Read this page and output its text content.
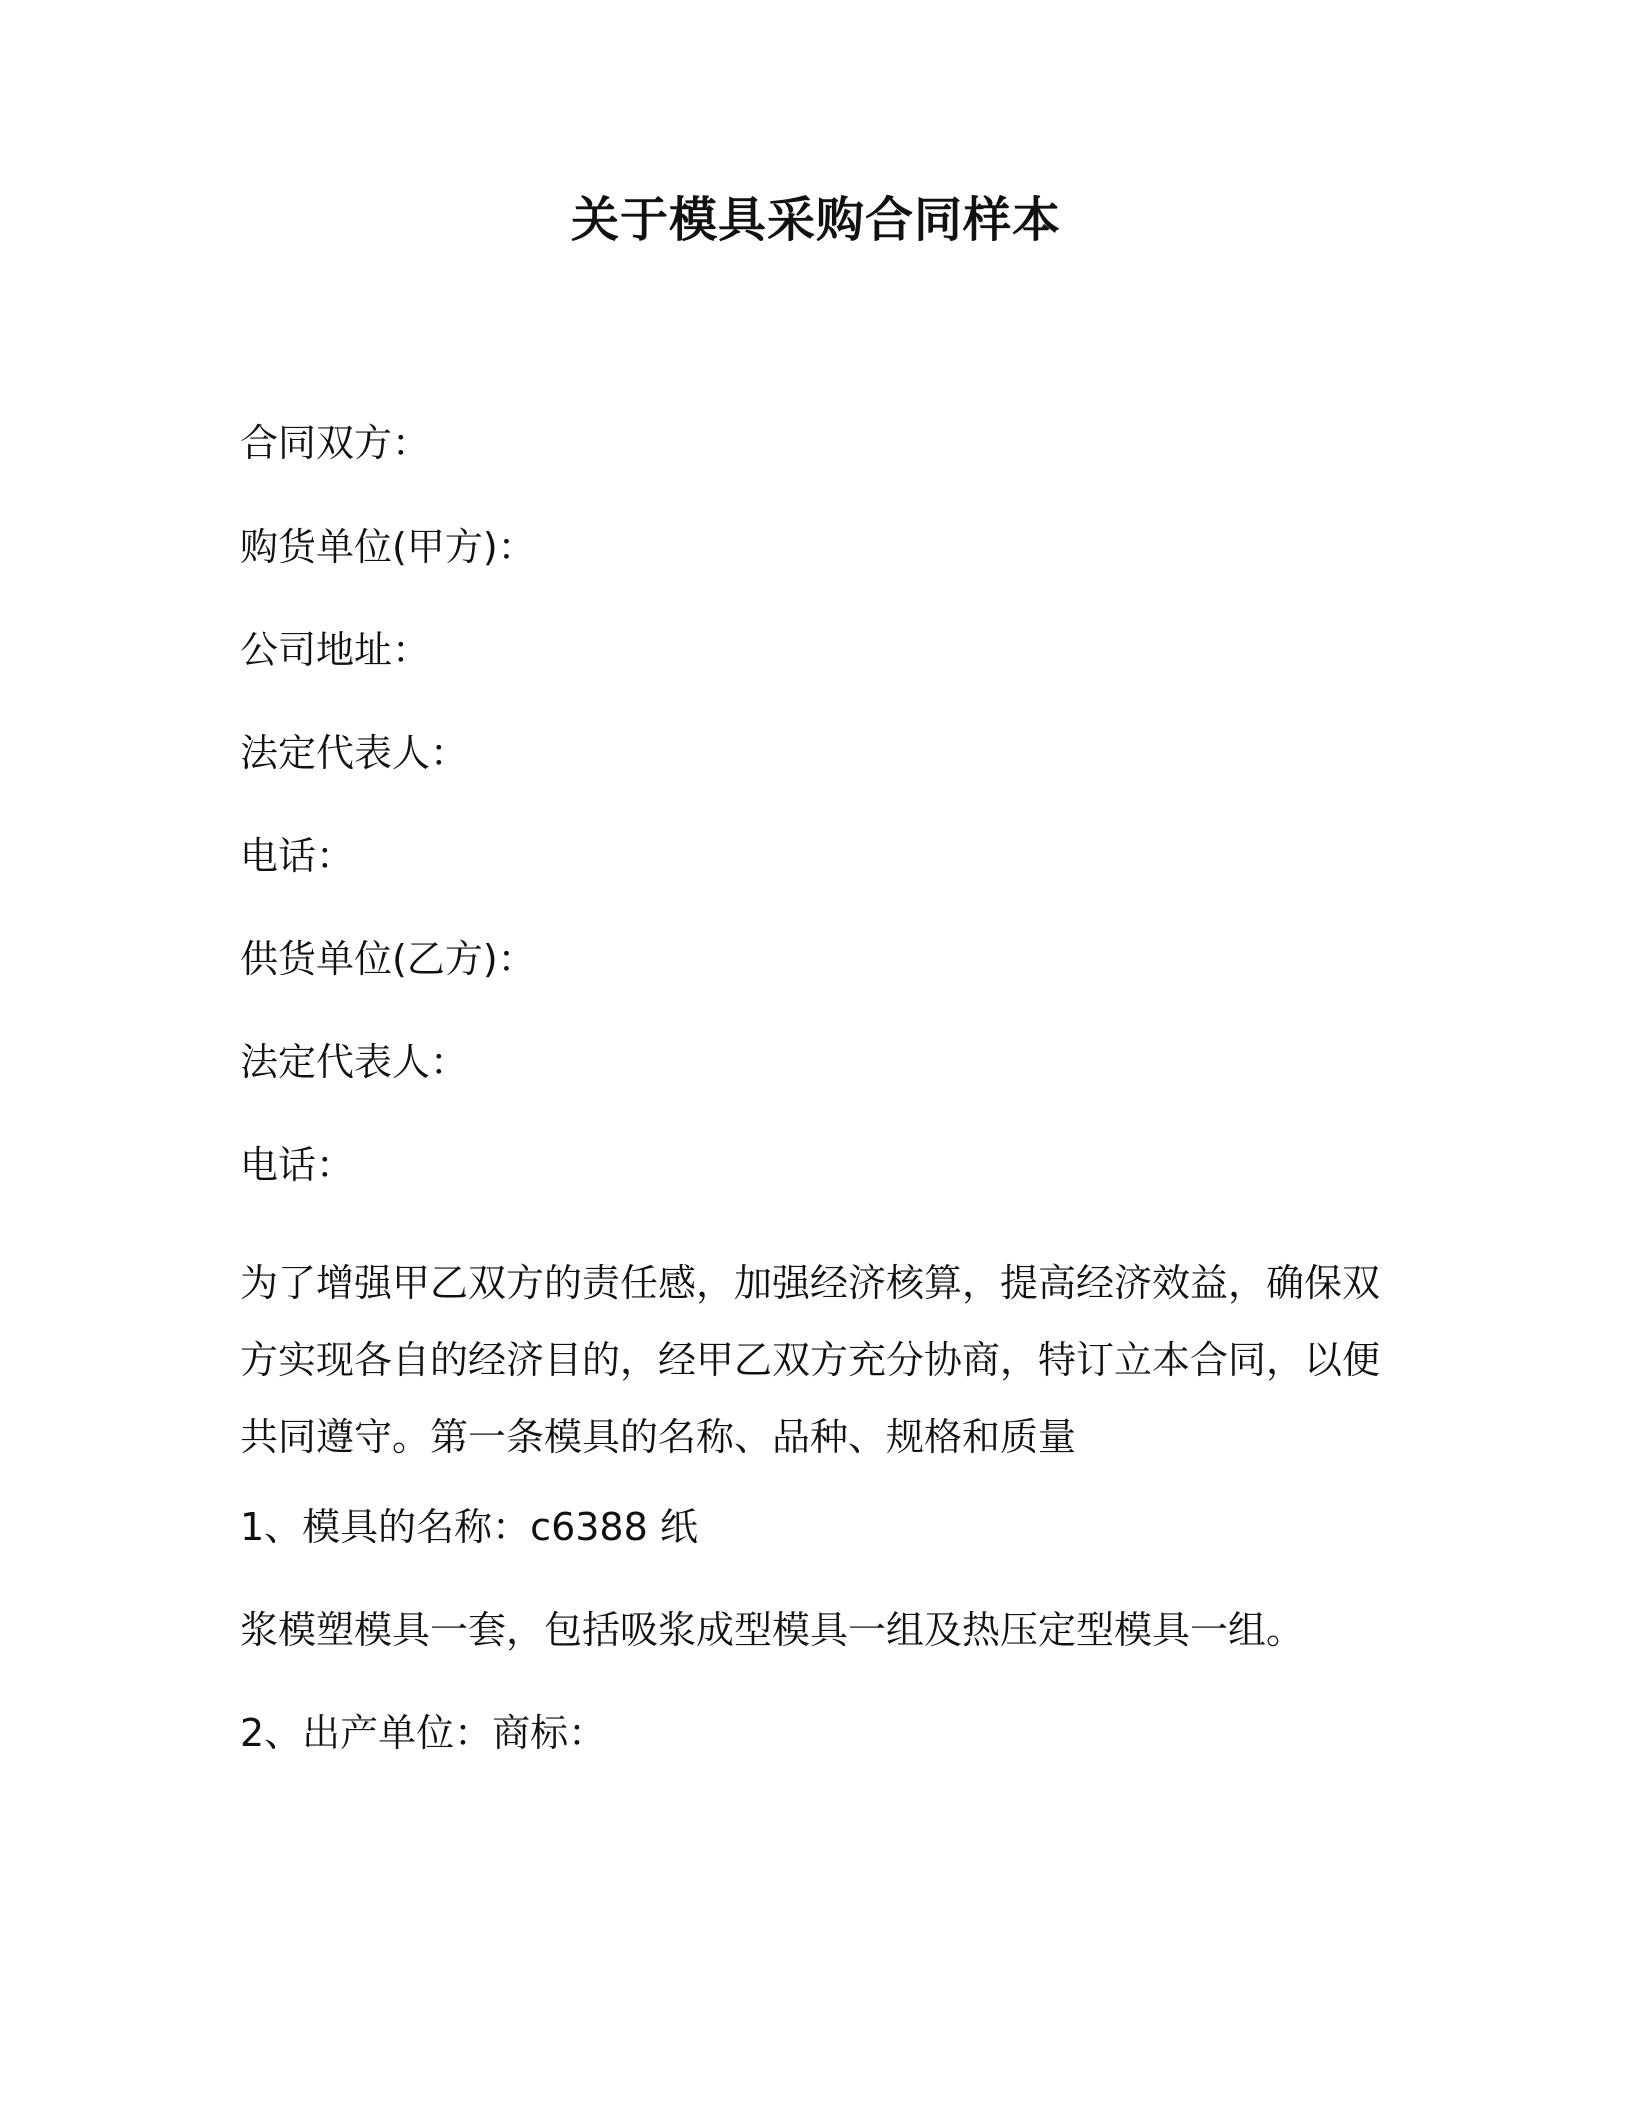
关于模具采购合同样本
合同双方：
购货单位(甲方)：
公司地址：
法定代表人：
电话：
供货单位(乙方)：
法定代表人：
电话：
为了增强甲乙双方的责任感，加强经济核算，提高经济效益，确保双
方实现各自的经济目的，经甲乙双方充分协商，特订立本合同，以便
共同遵守。第一条模具的名称、品种、规格和质量
1、模具的名称：c6388 纸
浆模塑模具一套，包括吸浆成型模具一组及热压定型模具一组。
2、出产单位：商标：
